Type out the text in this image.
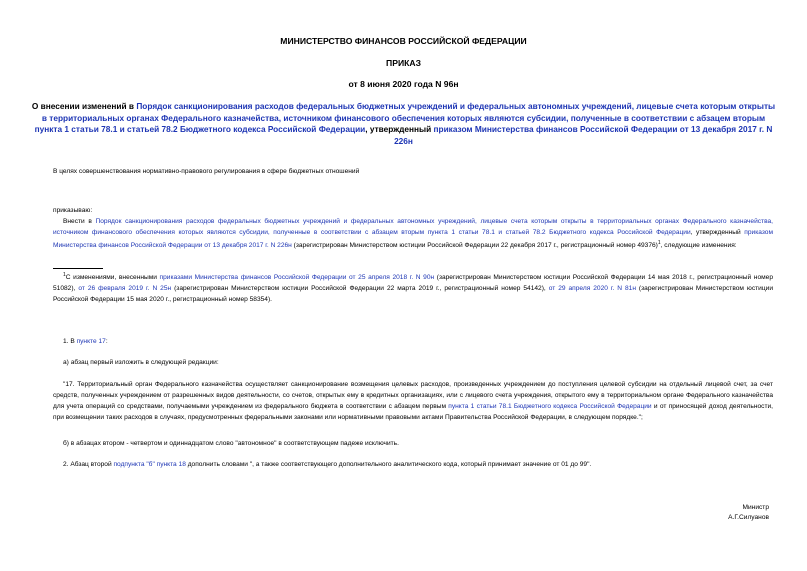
МИНИСТЕРСТВО ФИНАНСОВ РОССИЙСКОЙ ФЕДЕРАЦИИ
ПРИКАЗ
от 8 июня 2020 года N 96н
О внесении изменений в Порядок санкционирования расходов федеральных бюджетных учреждений и федеральных автономных учреждений, лицевые счета которым открыты в территориальных органах Федерального казначейства, источником финансового обеспечения которых являются субсидии, полученные в соответствии с абзацем вторым пункта 1 статьи 78.1 и статьей 78.2 Бюджетного кодекса Российской Федерации, утвержденный приказом Министерства финансов Российской Федерации от 13 декабря 2017 г. N 226н
В целях совершенствования нормативно-правового регулирования в сфере бюджетных отношений
приказываю:
Внести в Порядок санкционирования расходов федеральных бюджетных учреждений и федеральных автономных учреждений, лицевые счета которым открыты в территориальных органах Федерального казначейства, источником финансового обеспечения которых являются субсидии, полученные в соответствии с абзацем вторым пункта 1 статьи 78.1 и статьей 78.2 Бюджетного кодекса Российской Федерации, утвержденный приказом Министерства финансов Российской Федерации от 13 декабря 2017 г. N 226н (зарегистрирован Министерством юстиции Российской Федерации 22 декабря 2017 г., регистрационный номер 49376)$^1$, следующие изменения:
$^1$С изменениями, внесенными приказами Министерства финансов Российской Федерации от 25 апреля 2018 г. N 90н (зарегистрирован Министерством юстиции Российской Федерации 14 мая 2018 г., регистрационный номер 51082), от 26 февраля 2019 г. N 25н (зарегистрирован Министерством юстиции Российской Федерации 22 марта 2019 г., регистрационный номер 54142), от 29 апреля 2020 г. N 81н (зарегистрирован Министерством юстиции Российской Федерации 15 мая 2020 г., регистрационный номер 58354).
1. В пункте 17:
а) абзац первый изложить в следующей редакции:
"17. Территориальный орган Федерального казначейства осуществляет санкционирование возмещения целевых расходов, произведенных учреждением до поступления целевой субсидии на отдельный лицевой счет, за счет средств, полученных учреждением от разрешенных видов деятельности, со счетов, открытых ему в кредитных организациях, или с лицевого счета учреждения, открытого ему в территориальном органе Федерального казначейства для учета операций со средствами, получаемыми учреждением из федерального бюджета в соответствии с абзацем первым пункта 1 статьи 78.1 Бюджетного кодекса Российской Федерации и от приносящей доход деятельности, при возмещении таких расходов в случаях, предусмотренных федеральными законами или нормативными правовыми актами Правительства Российской Федерации, в следующем порядке.";
б) в абзацах втором - четвертом и одиннадцатом слово "автономное" в соответствующем падеже исключить.
2. Абзац второй подпункта "б" пункта 18 дополнить словами ", а также соответствующего дополнительного аналитического кода, который принимает значение от 01 до 99".
Министр
А.Г.Силуанов
